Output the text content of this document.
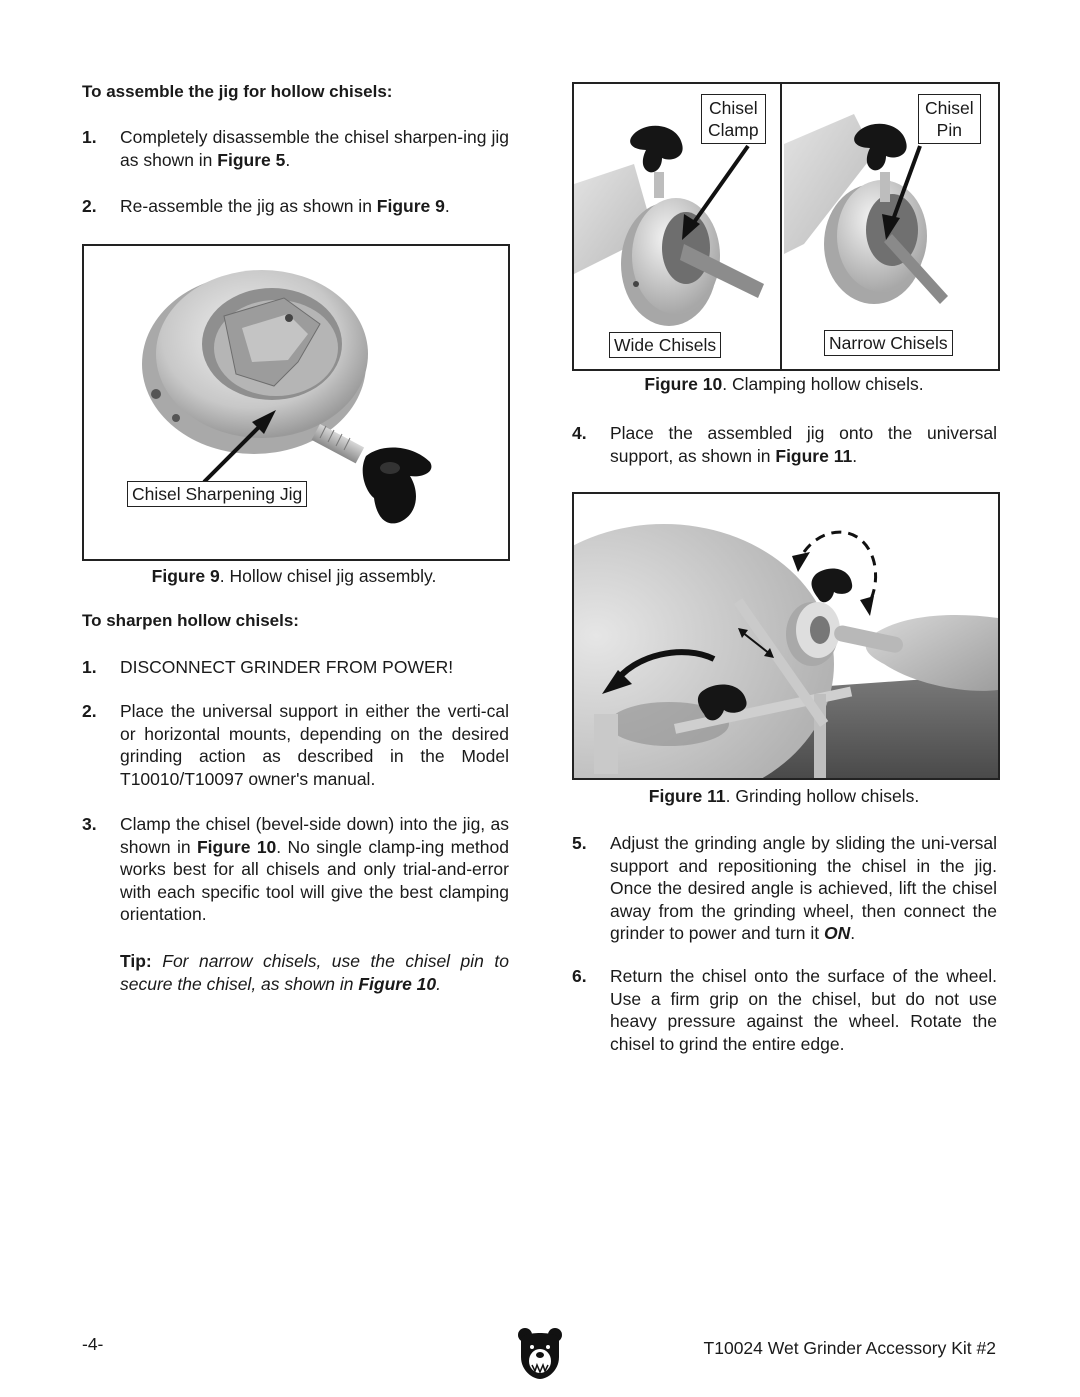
To assemble the jig for hollow chisels:
1. Completely disassemble the chisel sharpen-ing jig as shown in Figure 5.
2. Re-assemble the jig as shown in Figure 9.
Chisel Sharpening Jig
Figure 9. Hollow chisel jig assembly.
To sharpen hollow chisels:
1. DISCONNECT GRINDER FROM POWER!
2. Place the universal support in either the verti-cal or horizontal mounts, depending on the desired grinding action as described in the Model T10010/T10097 owner's manual.
3. Clamp the chisel (bevel-side down) into the jig, as shown in Figure 10. No single clamp-ing method works best for all chisels and only trial-and-error with each specific tool will give the best clamping orientation.
Tip: For narrow chisels, use the chisel pin to secure the chisel, as shown in Figure 10.
Chisel
Clamp
Chisel
Pin
Wide Chisels	Narrow Chisels
Figure 10. Clamping hollow chisels.
4. Place the assembled jig onto the universal support, as shown in Figure 11.
Figure 11. Grinding hollow chisels.
5. Adjust the grinding angle by sliding the uni-versal support and repositioning the chisel in the jig. Once the desired angle is achieved, lift the chisel away from the grinding wheel, then connect the grinder to power and turn it ON.
6. Return the chisel onto the surface of the wheel. Use a firm grip on the chisel, but do not use heavy pressure against the wheel. Rotate the chisel to grind the entire edge.
-4-	T10024 Wet Grinder Accessory Kit #2
